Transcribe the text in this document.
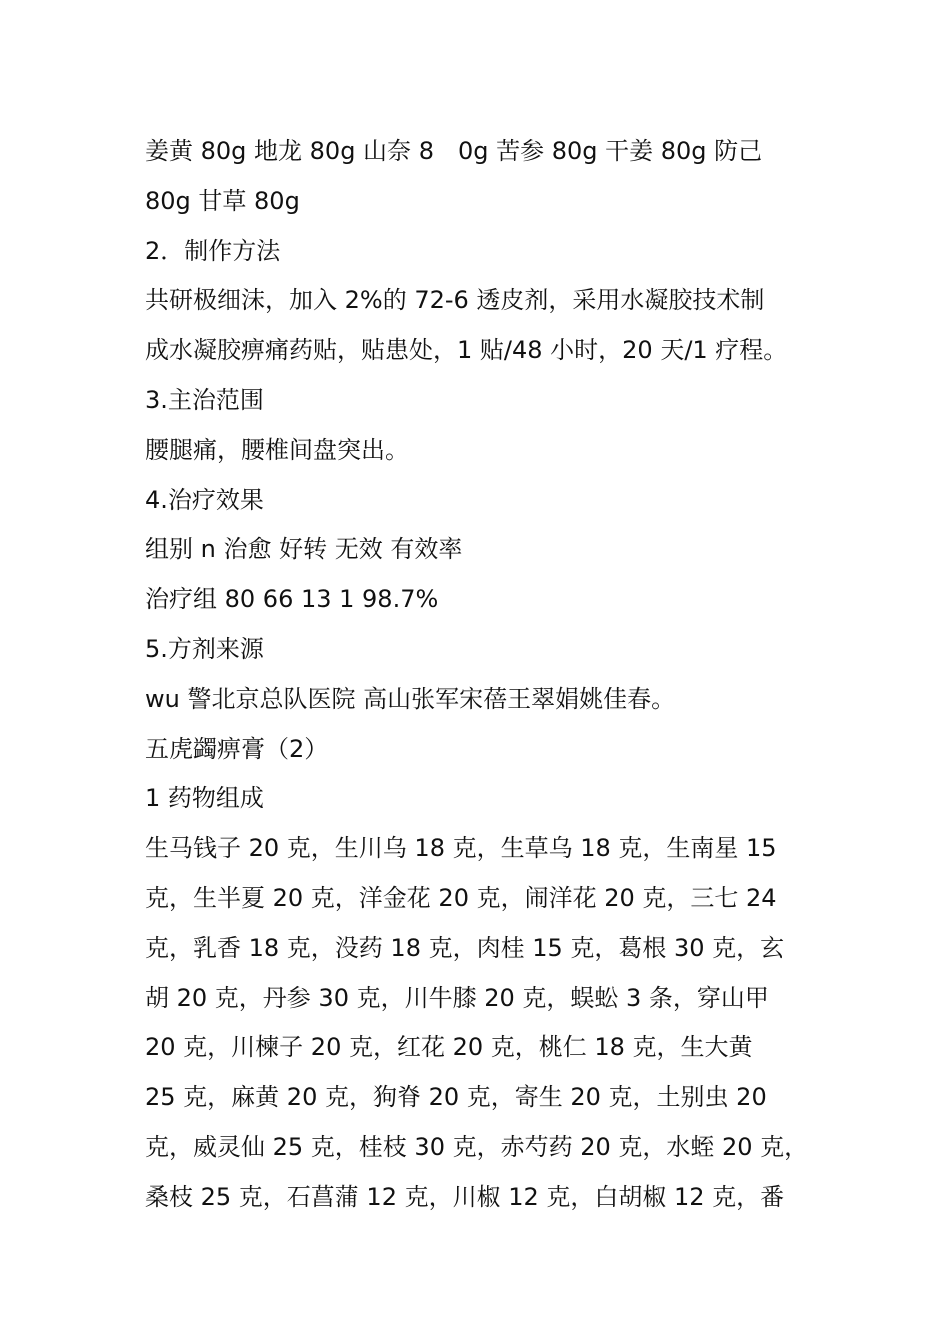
姜黄 80g 地龙 80g 山奈 8　0g 苦参 80g 干姜 80g 防己
80g 甘草 80g
2．制作方法
共研极细沫，加入 2%的 72-6 透皮剂，采用水凝胶技术制
成水凝胶痹痛药贴，贴患处，1 贴/48 小时，20 天/1 疗程。
3.主治范围
腰腿痛，腰椎间盘突出。
4.治疗效果
组别 n 治愈 好转 无效 有效率
治疗组 80 66 13 1 98.7%
5.方剂来源
wu 警北京总队医院 高山张军宋蓓王翠娟姚佳春。
五虎蠲痹膏（2）
1 药物组成
生马钱子 20 克，生川乌 18 克，生草乌 18 克，生南星 15
克，生半夏 20 克，洋金花 20 克，闹洋花 20 克，三七 24
克，乳香 18 克，没药 18 克，肉桂 15 克，葛根 30 克，玄
胡 20 克，丹参 30 克，川牛膝 20 克，蜈蚣 3 条，穿山甲
20 克，川楝子 20 克，红花 20 克，桃仁 18 克，生大黄
25 克，麻黄 20 克，狗脊 20 克，寄生 20 克，土别虫 20
克，威灵仙 25 克，桂枝 30 克，赤芍药 20 克，水蛭 20 克，
桑枝 25 克，石菖蒲 12 克，川椒 12 克，白胡椒 12 克，番
